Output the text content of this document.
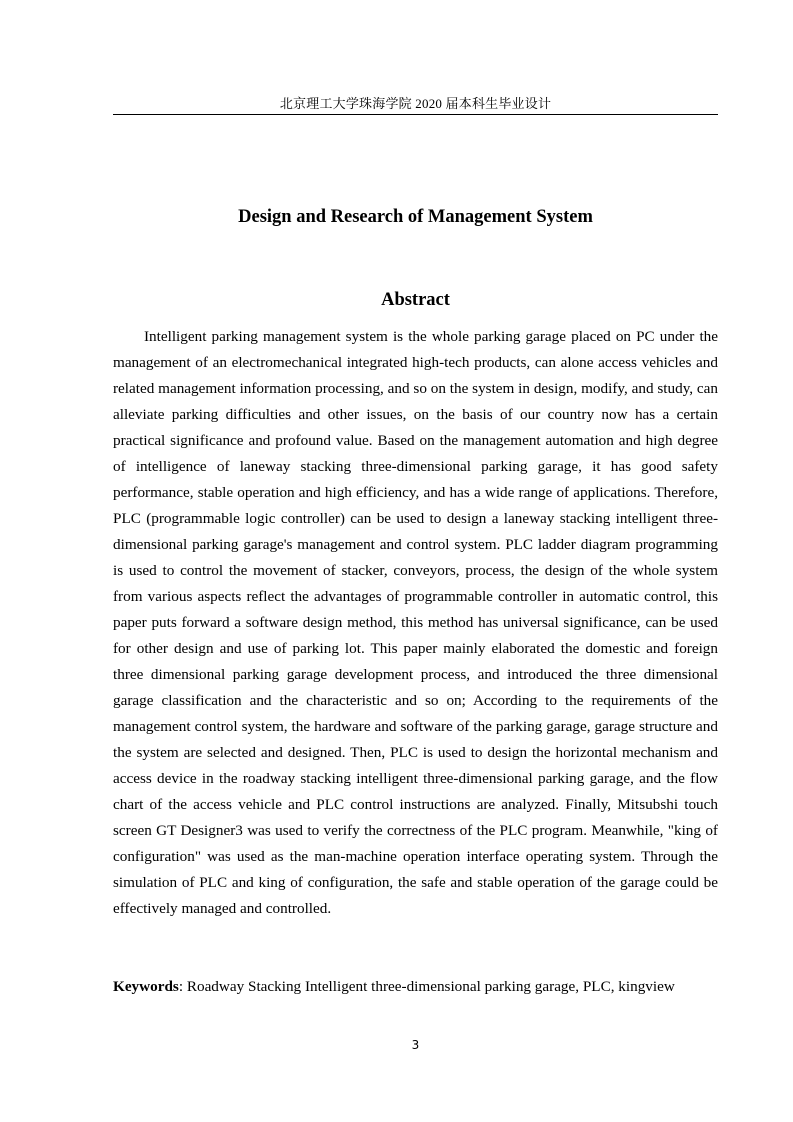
北京理工大学珠海学院 2020 届本科生毕业设计
Design and Research of Management System
Abstract

Intelligent parking management system is the whole parking garage placed on PC under the management of an electromechanical integrated high-tech products, can alone access vehicles and related management information processing, and so on the system in design, modify, and study, can alleviate parking difficulties and other issues, on the basis of our country now has a certain practical significance and profound value. Based on the management automation and high degree of intelligence of laneway stacking three-dimensional parking garage, it has good safety performance, stable operation and high efficiency, and has a wide range of applications. Therefore, PLC (programmable logic controller) can be used to design a laneway stacking intelligent three-dimensional parking garage's management and control system. PLC ladder diagram programming is used to control the movement of stacker, conveyors, process, the design of the whole system from various aspects reflect the advantages of programmable controller in automatic control, this paper puts forward a software design method, this method has universal significance, can be used for other design and use of parking lot. This paper mainly elaborated the domestic and foreign three dimensional parking garage development process, and introduced the three dimensional garage classification and the characteristic and so on; According to the requirements of the management control system, the hardware and software of the parking garage, garage structure and the system are selected and designed. Then, PLC is used to design the horizontal mechanism and access device in the roadway stacking intelligent three-dimensional parking garage, and the flow chart of the access vehicle and PLC control instructions are analyzed. Finally, Mitsubshi touch screen GT Designer3 was used to verify the correctness of the PLC program. Meanwhile, "king of configuration" was used as the man-machine operation interface operating system. Through the simulation of PLC and king of configuration, the safe and stable operation of the garage could be effectively managed and controlled.

Keywords: Roadway Stacking Intelligent three-dimensional parking garage, PLC, kingview

3
